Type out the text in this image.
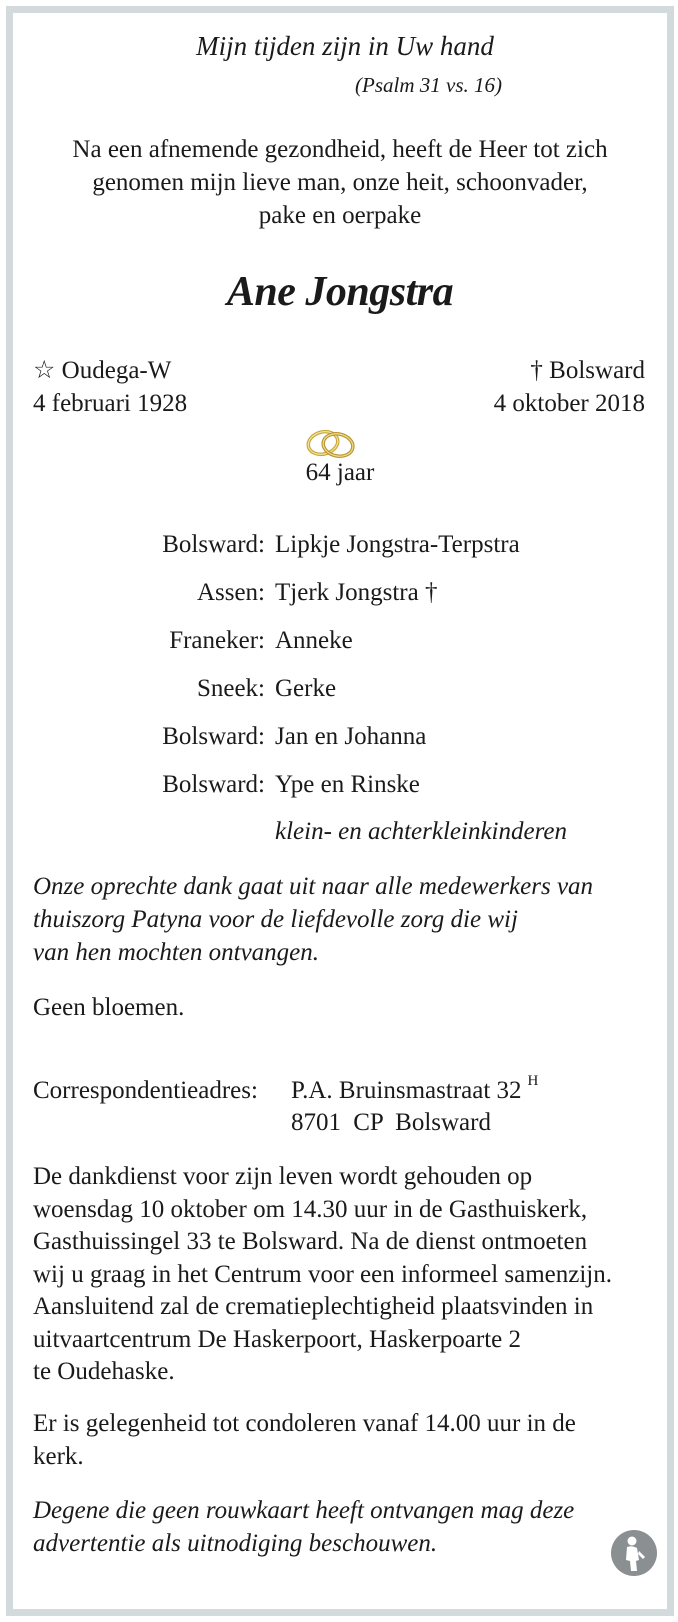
Mijn tijden zijn in Uw hand
(Psalm 31 vs. 16)
Na een afnemende gezondheid, heeft de Heer tot zich
genomen mijn lieve man, onze heit, schoonvader,
pake en oerpake
Ane Jongstra
☆ Oudega-W
4 februari 1928
† Bolsward
4 oktober 2018
64 jaar
Bolsward: Lipkje Jongstra-Terpstra
Assen: Tjerk Jongstra †
Franeker: Anneke
Sneek: Gerke
Bolsward: Jan en Johanna
Bolsward: Ype en Rinske
klein- en achterkleinkinderen
Onze oprechte dank gaat uit naar alle medewerkers van
thuiszorg Patyna voor de liefdevolle zorg die wij
van hen mochten ontvangen.
Geen bloemen.
Correspondentieadres: P.A. Bruinsmastraat 32 $^H$
8701 CP Bolsward
De dankdienst voor zijn leven wordt gehouden op
woensdag 10 oktober om 14.30 uur in de Gasthuiskerk,
Gasthuissingel 33 te Bolsward. Na de dienst ontmoeten
wij u graag in het Centrum voor een informeel samenzijn.
Aansluitend zal de crematieplechtigheid plaatsvinden in
uitvaartcentrum De Haskerpoort, Haskerpoarte 2
te Oudehaske.
Er is gelegenheid tot condoleren vanaf 14.00 uur in de
kerk.
Degene die geen rouwkaart heeft ontvangen mag deze
advertentie als uitnodiging beschouwen.
